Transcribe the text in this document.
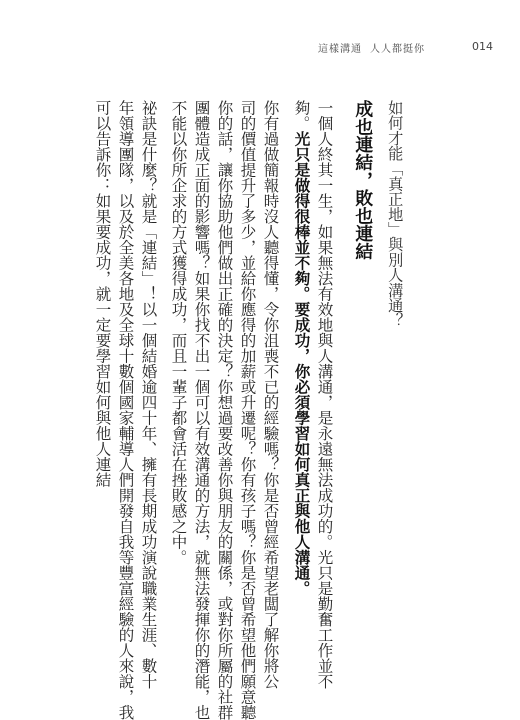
這樣溝通 人人都挺你	014
如何才能「真正地」與別人溝通？
成也連結，敗也連結
一個人終其一生，如果無法有效地與人溝通，是永遠無法成功的。光只是勤奮工作並不
夠。光只是做得很棒並不夠。要成功，你必須學習如何真正與他人溝通。
你有過做簡報時沒人聽得懂，令你沮喪不已的經驗嗎？你是否曾經希望老闆了解你將公
司的價值提升了多少，並給你應得的加薪或升遷呢？你有孩子嗎？你是否曾希望他們願意聽
你的話，讓你協助他們做出正確的決定？你想過要改善你與朋友的關係，或對你所屬的社群
團體造成正面的影響嗎？如果你找不出一個可以有效溝通的方法，就無法發揮你的潛能，也
不能以你所企求的方式獲得成功，而且一輩子都會活在挫敗感之中。
祕訣是什麼？就是「連結」！以一個結婚逾四十年、擁有長期成功演說職業生涯、數十
年領導團隊，以及於全美各地及全球十數個國家輔導人們開發自我等豐富經驗的人來說，我
可以告訴你：如果要成功，就一定要學習如何與他人連結
